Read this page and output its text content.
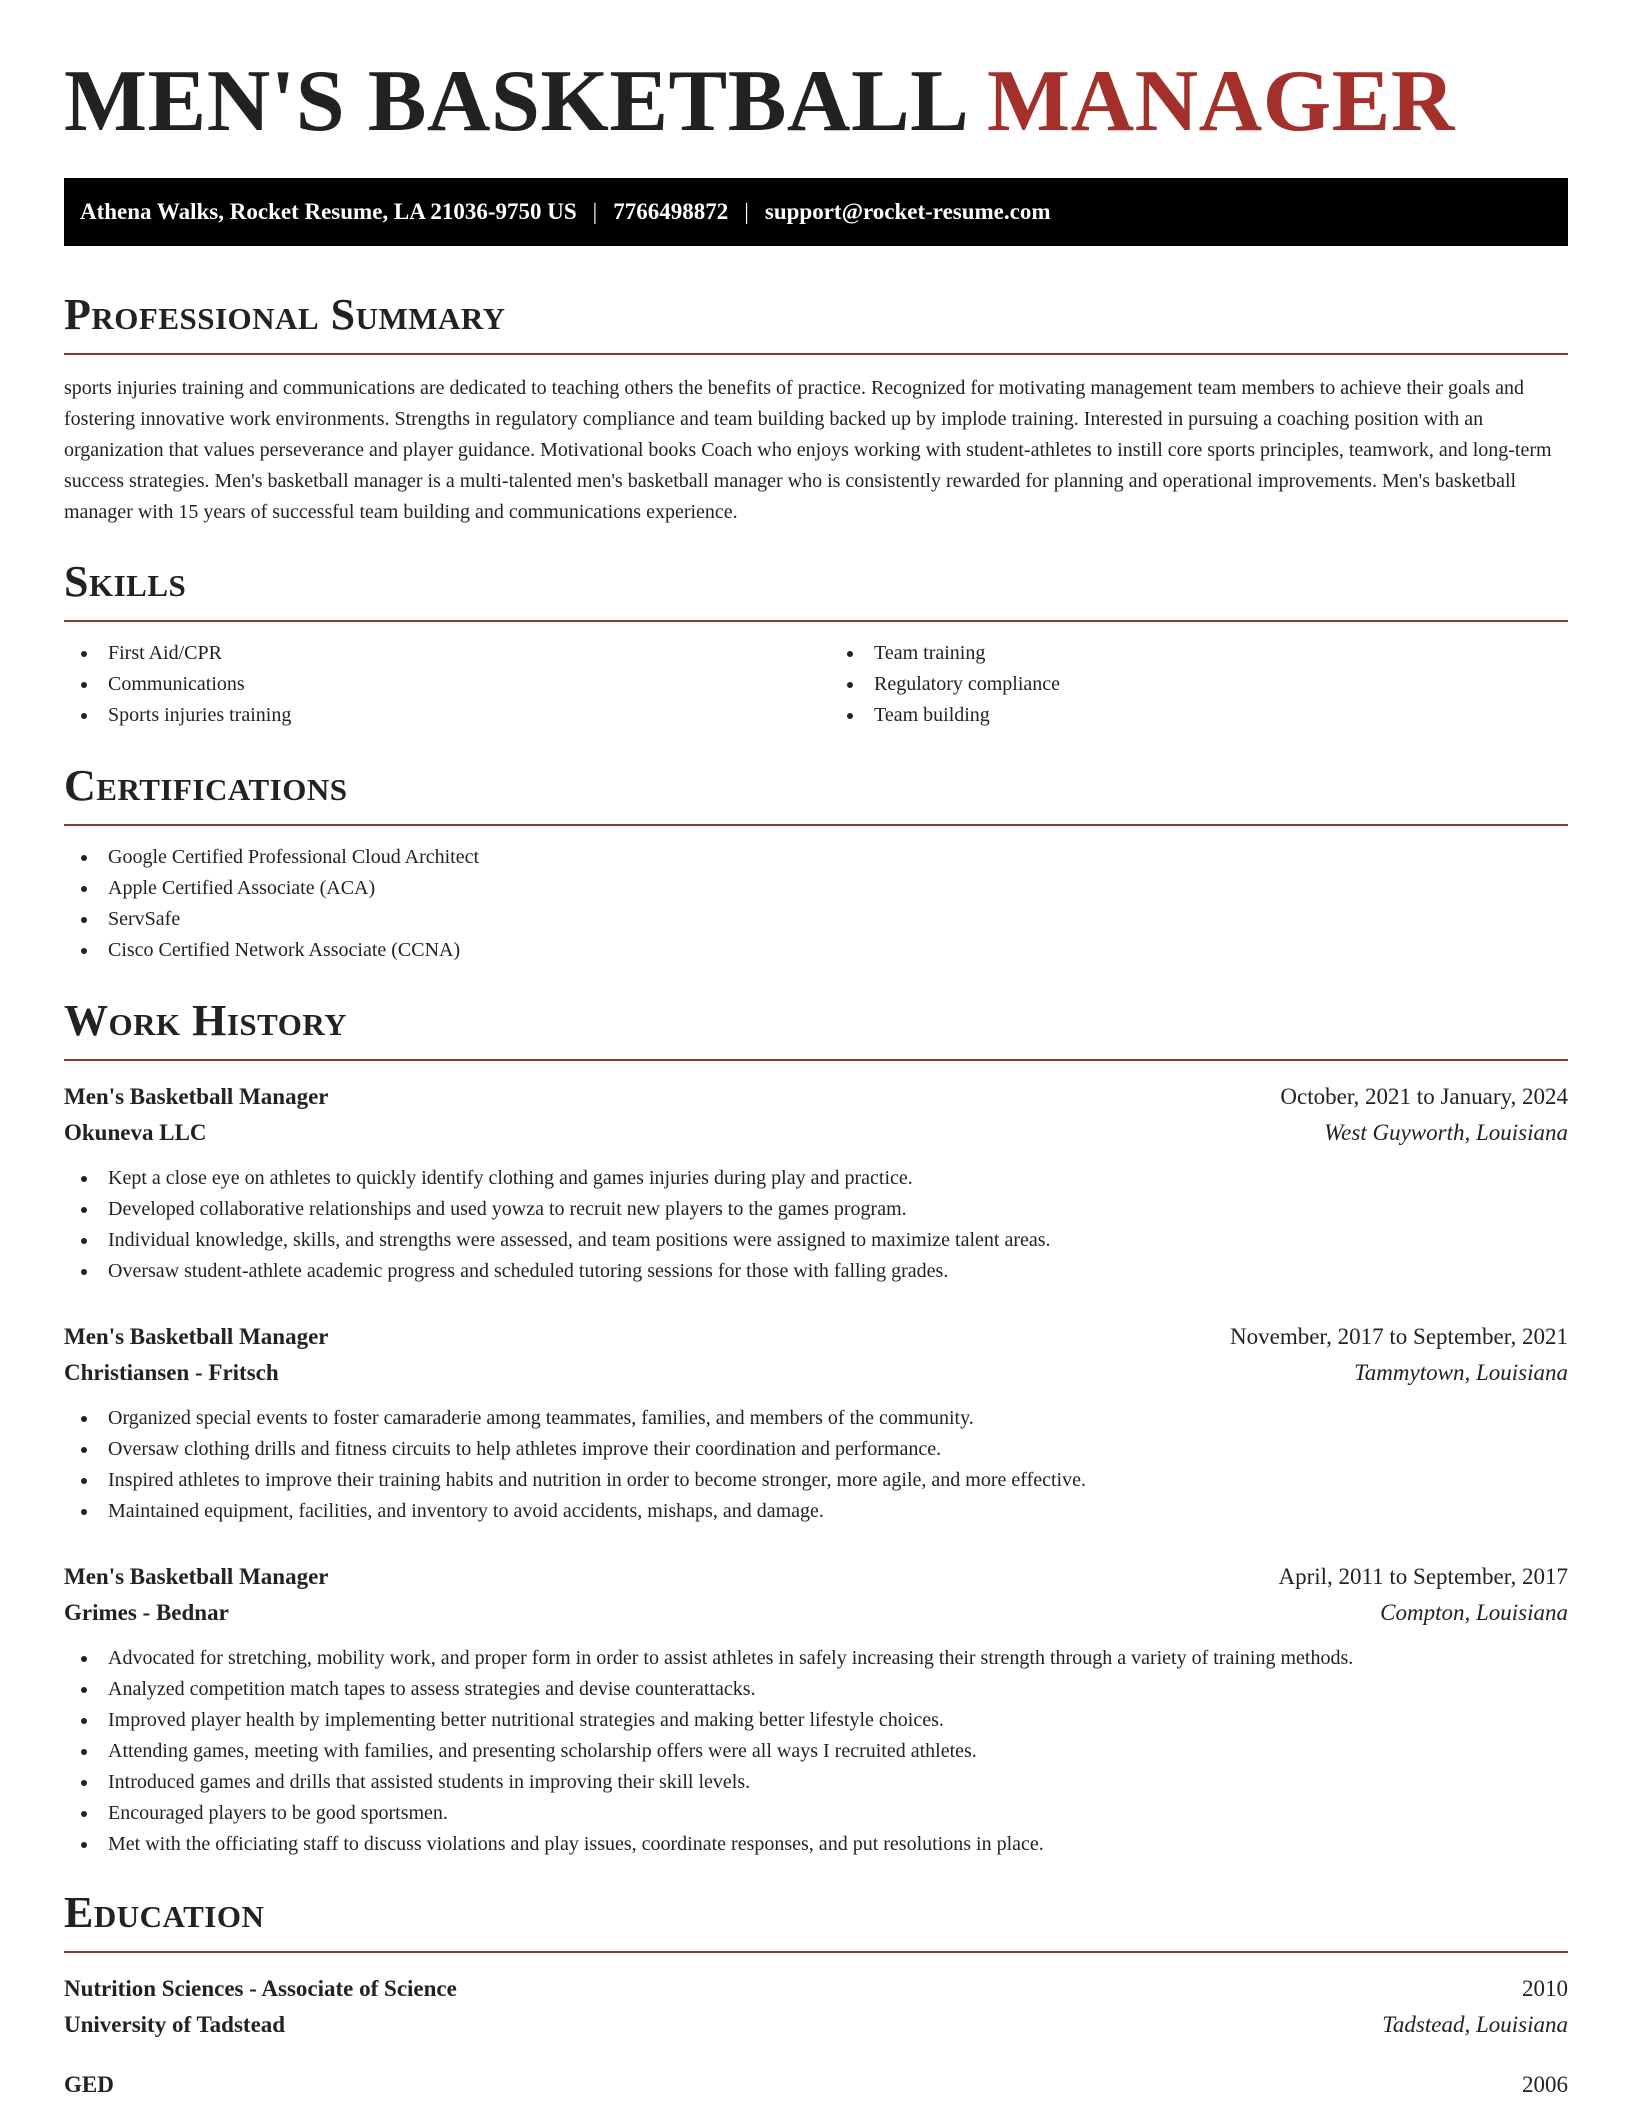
MEN'S BASKETBALL MANAGER
Athena Walks, Rocket Resume, LA 21036-9750 US | 7766498872 | support@rocket-resume.com
Professional Summary

sports injuries training and communications are dedicated to teaching others the benefits of practice. Recognized for motivating management team members to achieve their goals and fostering innovative work environments. Strengths in regulatory compliance and team building backed up by implode training. Interested in pursuing a coaching position with an organization that values perseverance and player guidance. Motivational books Coach who enjoys working with student-athletes to instill core sports principles, teamwork, and long-term success strategies. Men's basketball manager is a multi-talented men's basketball manager who is consistently rewarded for planning and operational improvements. Men's basketball manager with 15 years of successful team building and communications experience.

Skills
First Aid/CPR
Communications
Sports injuries training
Team training
Regulatory compliance
Team building
Certifications
Google Certified Professional Cloud Architect
Apple Certified Associate (ACA)
ServSafe
Cisco Certified Network Associate (CCNA)
Work History
Men's Basketball Manager	October, 2021 to January, 2024
Okuneva LLC	West Guyworth, Louisiana
Kept a close eye on athletes to quickly identify clothing and games injuries during play and practice.
Developed collaborative relationships and used yowza to recruit new players to the games program.
Individual knowledge, skills, and strengths were assessed, and team positions were assigned to maximize talent areas.
Oversaw student-athlete academic progress and scheduled tutoring sessions for those with falling grades.
Men's Basketball Manager	November, 2017 to September, 2021
Christiansen - Fritsch	Tammytown, Louisiana
Organized special events to foster camaraderie among teammates, families, and members of the community.
Oversaw clothing drills and fitness circuits to help athletes improve their coordination and performance.
Inspired athletes to improve their training habits and nutrition in order to become stronger, more agile, and more effective.
Maintained equipment, facilities, and inventory to avoid accidents, mishaps, and damage.
Men's Basketball Manager	April, 2011 to September, 2017
Grimes - Bednar	Compton, Louisiana
Advocated for stretching, mobility work, and proper form in order to assist athletes in safely increasing their strength through a variety of training methods.
Analyzed competition match tapes to assess strategies and devise counterattacks.
Improved player health by implementing better nutritional strategies and making better lifestyle choices.
Attending games, meeting with families, and presenting scholarship offers were all ways I recruited athletes.
Introduced games and drills that assisted students in improving their skill levels.
Encouraged players to be good sportsmen.
Met with the officiating staff to discuss violations and play issues, coordinate responses, and put resolutions in place.
Education
Nutrition Sciences - Associate of Science	2010
University of Tadstead	Tadstead, Louisiana
GED	2006
